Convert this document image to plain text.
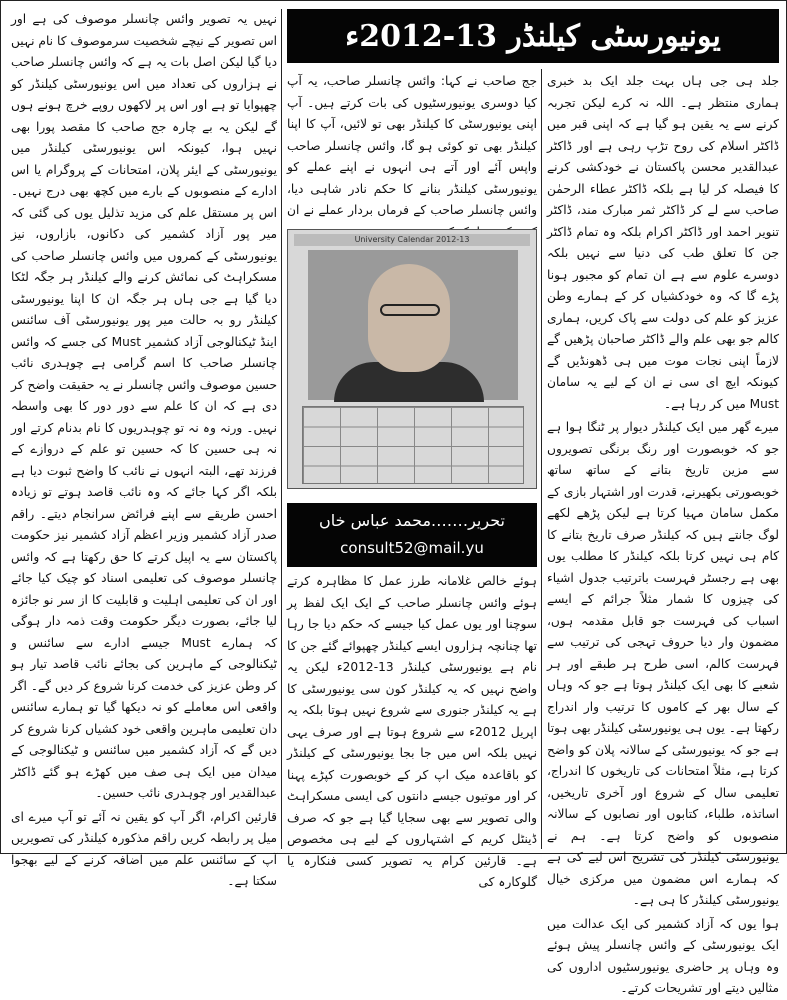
یونیورسٹی کیلنڈر 13-2012ء

جلد ہی جی ہاں بہت جلد ایک بد خبری ہماری منتظر ہے۔ اللہ نہ کرے لیکن تجربہ کرنے سے یہ یقین ہو گیا ہے کہ اپنی قبر میں ڈاکٹر اسلام کی روح تڑپ رہی ہے اور ڈاکٹر عبدالقدیر محسن پاکستان نے خودکشی کرنے کا فیصلہ کر لیا ہے بلکہ ڈاکٹر عطاء الرحمٰن صاحب سے لے کر ڈاکٹر ثمر مبارک مند، ڈاکٹر تنویر احمد اور ڈاکٹر اکرام بلکہ وہ تمام ڈاکٹر جن کا تعلق طب کی دنیا سے نہیں بلکہ دوسرے علوم سے ہے ان تمام کو مجبور ہونا پڑے گا کہ وہ خودکشیاں کر کے ہمارے وطن عزیز کو علم کی دولت سے پاک کریں، ہماری کالم جو بھی علم والے ڈاکٹر صاحبان پڑھیں گے لازماً اپنی نجات موت میں ہی ڈھونڈیں گے کیونکہ ایچ ای سی نے ان کے لیے یہ سامان Must میں کر رہا ہے۔

میرے گھر میں ایک کیلنڈر دیوار پر ٹنگا ہوا ہے جو کہ خوبصورت اور رنگ برنگی تصویروں سے مزین تاریخ بتانے کے ساتھ ساتھ خوبصورتی بکھیرنے، قدرت اور اشتہار بازی کے مکمل سامان مہیا کرتا ہے لیکن پڑھے لکھے لوگ جانتے ہیں کہ کیلنڈر صرف تاریخ بتانے کا کام ہی نہیں کرتا بلکہ کیلنڈر کا مطلب یوں بھی ہے رجسٹر فہرست باترتیب جدول اشیاء کی چیزوں کا شمار مثلاً جرائم کے ایسے اسباب کی فہرست جو قابل مقدمہ ہوں، مضمون وار دیا حروف تہجی کی ترتیب سے فہرست کالم، اسی طرح ہر طبقے اور ہر شعبے کا بھی ایک کیلنڈر ہوتا ہے جو کہ وہاں کے سال بھر کے کاموں کا ترتیب وار اندراج رکھتا ہے۔ یوں ہی یونیورسٹی کیلنڈر بھی ہوتا ہے جو کہ یونیورسٹی کے سالانہ پلان کو واضح کرتا ہے، مثلاً امتحانات کی تاریخوں کا اندراج، تعلیمی سال کے شروع اور آخری تاریخیں، اساتذہ، طلباء، کتابوں اور نصابوں کے سالانہ منصوبوں کو واضح کرتا ہے۔ ہم نے یونیورسٹی کیلنڈر کی تشریح اس لیے کی ہے کہ ہمارے اس مضمون میں مرکزی خیال یونیورسٹی کیلنڈر کا ہی ہے۔

ہوا یوں کہ آزاد کشمیر کی ایک عدالت میں ایک یونیورسٹی کے وائس چانسلر پیش ہوئے وہ وہاں پر حاضری یونیورسٹیوں اداروں کی مثالیں دیتے اور تشریحات کرتے۔

جج صاحب نے کہا: وائس چانسلر صاحب، یہ آپ کیا دوسری یونیورسٹیوں کی بات کرتے ہیں۔ آپ اپنی یونیورسٹی کا کیلنڈر بھی تو لائیں، آپ کا اپنا کیلنڈر بھی تو کوئی ہو گا، وائس چانسلر صاحب واپس آئے اور آتے ہی انہوں نے اپنے عملے کو یونیورسٹی کیلنڈر بنانے کا حکم نادر شاہی دیا، وائس چانسلر صاحب کے فرماں بردار عملے نے ان

University Calendar 2012-13
تحریر…….محمد عباس خاں
consult52@mail.yu

ہوئے خالص غلامانہ طرز عمل کا مظاہرہ کرتے ہوئے وائس چانسلر صاحب کے ایک ایک لفظ پر سوچنا اور یوں عمل کیا جیسے کہ حکم دیا جا رہا تھا چنانچہ ہزاروں ایسے کیلنڈر چھپوائے گئے جن کا نام ہے یونیورسٹی کیلنڈر 13-2012ء لیکن یہ واضح نہیں کہ یہ کیلنڈر کون سی یونیورسٹی کا ہے یہ کیلنڈر جنوری سے شروع نہیں ہوتا بلکہ یہ اپریل 2012ء سے شروع ہوتا ہے اور صرف یہی نہیں بلکہ اس میں جا بجا یونیورسٹی کے کیلنڈر کو باقاعدہ میک اپ کر کے خوبصورت کپڑے پہنا کر اور موتیوں جیسے دانتوں کی ایسی مسکراہٹ والی تصویر سے بھی سجایا گیا ہے جو کہ صرف ڈینٹل کریم کے اشتہاروں کے لیے ہی مخصوص ہے۔ قارئین کرام یہ تصویر کسی فنکارہ یا گلوکارہ کی

نہیں یہ تصویر وائس چانسلر موصوف کی ہے اور اس تصویر کے نیچے شخصیت سرموصوف کا نام نہیں دیا گیا لیکن اصل بات یہ ہے کہ وائس چانسلر صاحب نے ہزاروں کی تعداد میں اس یونیورسٹی کیلنڈر کو چھپوایا تو ہے اور اس پر لاکھوں روپے خرچ ہونے ہوں گے لیکن یہ بے چارہ جج صاحب کا مقصد پورا بھی نہیں ہوا، کیونکہ اس یونیورسٹی کیلنڈر میں یونیورسٹی کے ایئر پلان، امتحانات کے پروگرام یا اس ادارے کے منصوبوں کے بارے میں کچھ بھی درج نہیں۔ اس پر مستقل علم کی مزید تذلیل یوں کی گئی کہ میر پور آزاد کشمیر کی دکانوں، بازاروں، نیز یونیورسٹی کے کمروں میں وائس چانسلر صاحب کی مسکراہٹ کی نمائش کرنے والے کیلنڈر ہر جگہ لٹکا دیا گیا ہے جی ہاں ہر جگہ ان کا اپنا یونیورسٹی کیلنڈر رو بہ حالت میر پور یونیورسٹی آف سائنس اینڈ ٹیکنالوجی آزاد کشمیر Must کی جسے کہ وائس چانسلر صاحب کا اسم گرامی ہے چوہدری نائب حسین موصوف وائس چانسلر نے یہ حقیقت واضح کر دی ہے کہ ان کا علم سے دور دور کا بھی واسطہ نہیں۔ ورنہ وہ نہ تو چوہدریوں کا نام بدنام کرتے اور نہ ہی حسین کا کہ حسین تو علم کے دروازے کے فرزند تھے، البتہ انہوں نے نائب کا واضح ثبوت دیا ہے بلکہ اگر کہا جائے کہ وہ نائب قاصد ہوتے تو زیادہ احسن طریقے سے اپنے فرائض سرانجام دیتے۔ راقم صدر آزاد کشمیر وزیر اعظم آزاد کشمیر نیز حکومت پاکستان سے یہ اپیل کرتے کا حق رکھتا ہے کہ وائس چانسلر موصوف کی تعلیمی اسناد کو چیک کیا جائے اور ان کی تعلیمی اہلیت و قابلیت کا از سر نو جائزہ لیا جائے، بصورت دیگر حکومت وقت ذمہ دار ہوگی کہ ہمارے Must جیسے ادارے سے سائنس و ٹیکنالوجی کے ماہرین کی بجائے نائب قاصد تیار ہو کر وطن عزیز کی خدمت کرنا شروع کر دیں گے۔ اگر واقعی اس معاملے کو نہ دیکھا گیا تو ہمارے سائنس دان تعلیمی ماہرین واقعی خود کشیاں کرنا شروع کر دیں گے کہ آزاد کشمیر میں سائنس و ٹیکنالوجی کے میدان میں ایک ہی صف میں کھڑے ہو گئے ڈاکٹر عبدالقدیر اور چوہدری نائب حسین۔

قارئین اکرام، اگر آپ کو یقین نہ آئے تو آپ میرے ای میل پر رابطہ کریں راقم مذکورہ کیلنڈر کی تصویریں آپ کے سائنس علم میں اضافہ کرنے کے لیے بھجوا سکتا ہے۔
